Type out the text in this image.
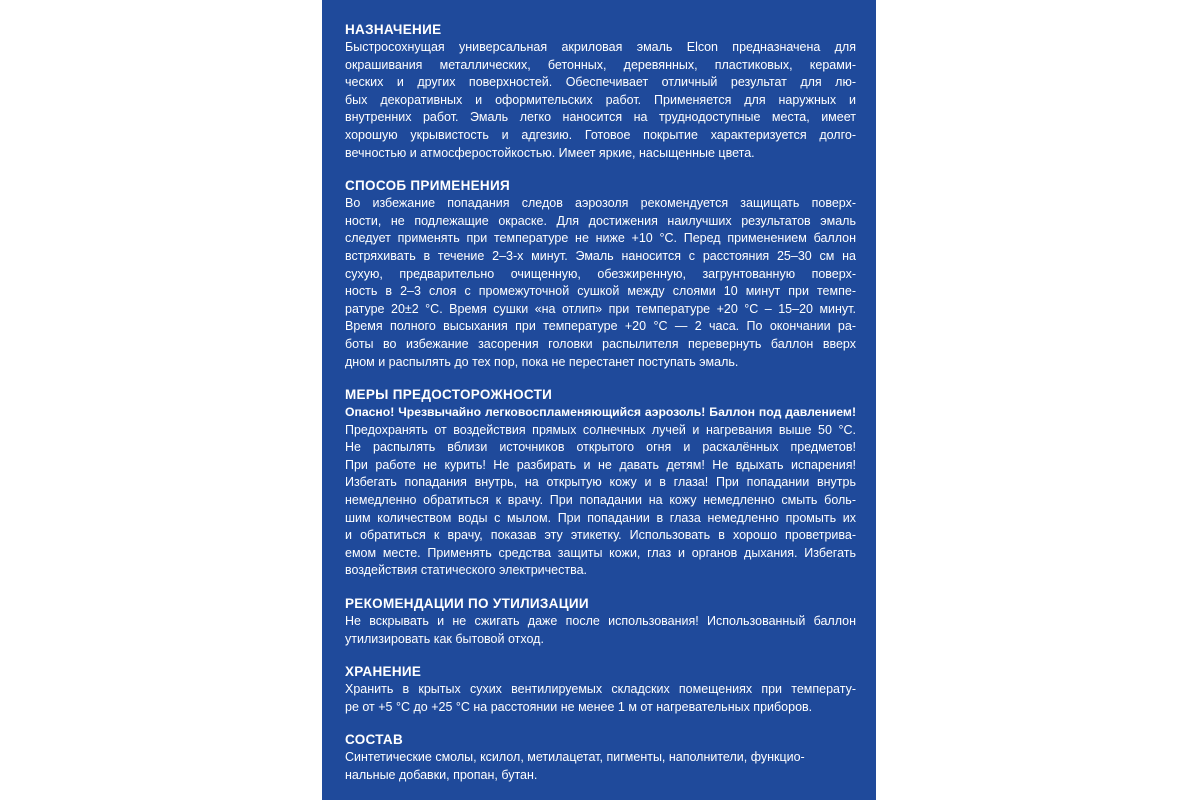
НАЗНАЧЕНИЕ
Быстросохнущая универсальная акриловая эмаль Elcon предназначена для
окрашивания металлических, бетонных, деревянных, пластиковых, керами-
ческих и других поверхностей. Обеспечивает отличный результат для лю-
бых декоративных и оформительских работ. Применяется для наружных и
внутренних работ. Эмаль легко наносится на труднодоступные места, имеет
хорошую укрывистость и адгезию. Готовое покрытие характеризуется долго-
вечностью и атмосферостойкостью. Имеет яркие, насыщенные цвета.
СПОСОБ ПРИМЕНЕНИЯ
Во избежание попадания следов аэрозоля рекомендуется защищать поверх-
ности, не подлежащие окраске. Для достижения наилучших результатов эмаль
следует применять при температуре не ниже +10 °С. Перед применением баллон
встряхивать в течение 2–3-х минут. Эмаль наносится с расстояния 25–30 см на
сухую, предварительно очищенную, обезжиренную, загрунтованную поверх-
ность в 2–3 слоя с промежуточной сушкой между слоями 10 минут при темпе-
ратуре 20±2 °С. Время сушки «на отлип» при температуре +20 °С – 15–20 минут.
Время полного высыхания при температуре +20 °С — 2 часа. По окончании ра-
боты во избежание засорения головки распылителя перевернуть баллон вверх
дном и распылять до тех пор, пока не перестанет поступать эмаль.
МЕРЫ ПРЕДОСТОРОЖНОСТИ
Опасно! Чрезвычайно легковоспламеняющийся аэрозоль! Баллон под давлением!
Предохранять от воздействия прямых солнечных лучей и нагревания выше 50 °С.
Не распылять вблизи источников открытого огня и раскалённых предметов!
При работе не курить! Не разбирать и не давать детям! Не вдыхать испарения!
Избегать попадания внутрь, на открытую кожу и в глаза! При попадании внутрь
немедленно обратиться к врачу. При попадании на кожу немедленно смыть боль-
шим количеством воды с мылом. При попадании в глаза немедленно промыть их
и обратиться к врачу, показав эту этикетку. Использовать в хорошо проветрива-
емом месте. Применять средства защиты кожи, глаз и органов дыхания. Избегать
воздействия статического электричества.
РЕКОМЕНДАЦИИ ПО УТИЛИЗАЦИИ
Не вскрывать и не сжигать даже после использования! Использованный баллон
утилизировать как бытовой отход.
ХРАНЕНИЕ
Хранить в крытых сухих вентилируемых складских помещениях при температу-
ре от +5 °С до +25 °С на расстоянии не менее 1 м от нагревательных приборов.
СОСТАВ
Синтетические смолы, ксилол, метилацетат, пигменты, наполнители, функцио-
нальные добавки, пропан, бутан.
